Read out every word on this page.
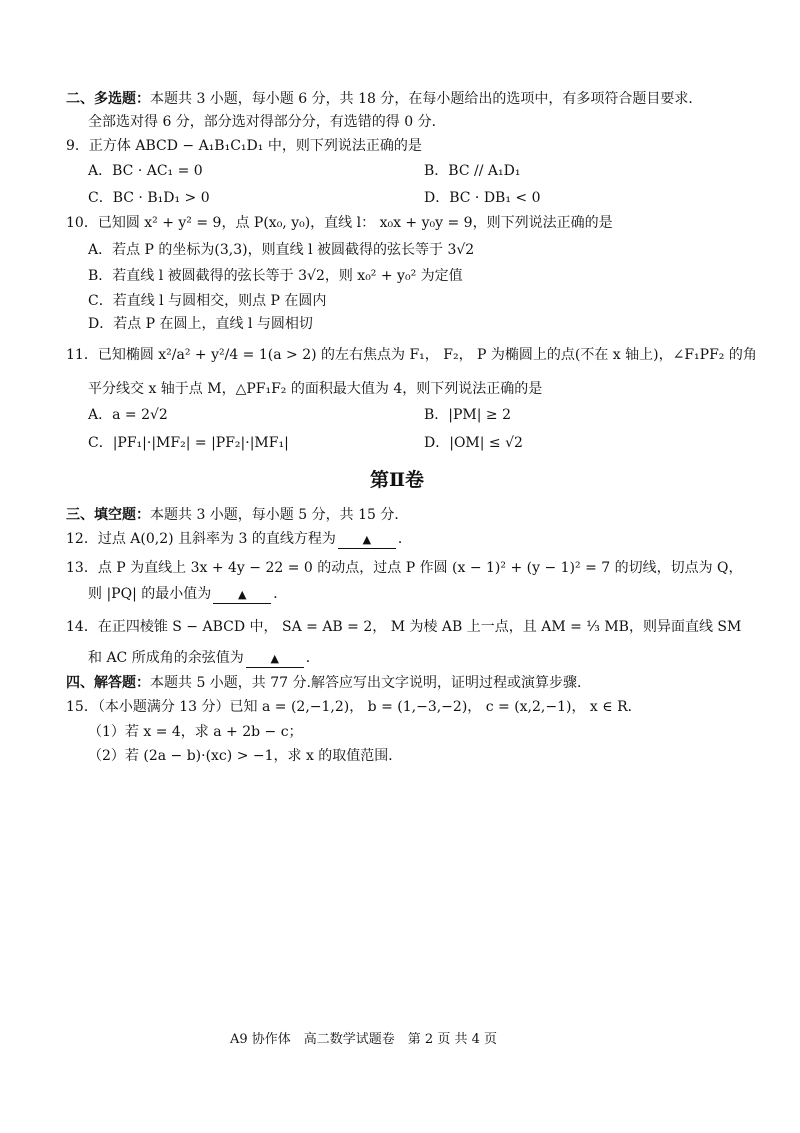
二、多选题：本题共 3 小题，每小题 6 分，共 18 分，在每小题给出的选项中，有多项符合题目要求．
全部选对得 6 分，部分选对得部分分，有选错的得 0 分．
9．正方体 ABCD − A₁B₁C₁D₁ 中，则下列说法正确的是
A．BC · AC₁ = 0	B．BC // A₁D₁
C．BC · B₁D₁ > 0	D．BC · DB₁ < 0
10．已知圆 x² + y² = 9，点 P(x₀, y₀)，直线 l： x₀x + y₀y = 9，则下列说法正确的是
A．若点 P 的坐标为(3,3)，则直线 l 被圆截得的弦长等于 3√2
B．若直线 l 被圆截得的弦长等于 3√2，则 x₀² + y₀² 为定值
C．若直线 l 与圆相交，则点 P 在圆内
D．若点 P 在圆上，直线 l 与圆相切
11．已知椭圆 x²/a² + y²/4 = 1(a > 2) 的左右焦点为 F₁， F₂， P 为椭圆上的点(不在 x 轴上)，∠F₁PF₂ 的角
平分线交 x 轴于点 M，△PF₁F₂ 的面积最大值为 4，则下列说法正确的是
A．a = 2√2	B．|PM| ≥ 2
C．|PF₁|·|MF₂| = |PF₂|·|MF₁|	D．|OM| ≤ √2
第Ⅱ卷
三、填空题：本题共 3 小题，每小题 5 分，共 15 分．
12．过点 A(0,2) 且斜率为 3 的直线方程为 ▲ ．
13．点 P 为直线上 3x + 4y − 22 = 0 的动点，过点 P 作圆 (x − 1)² + (y − 1)² = 7 的切线，切点为 Q，
则 |PQ| 的最小值为 ▲ ．
14．在正四棱锥 S − ABCD 中， SA = AB = 2， M 为棱 AB 上一点，且 AM = ⅓ MB，则异面直线 SM
和 AC 所成角的余弦值为 ▲ ．
四、解答题：本题共 5 小题，共 77 分.解答应写出文字说明，证明过程或演算步骤．
15．（本小题满分 13 分）已知 a = (2,−1,2)， b = (1,−3,−2)， c = (x,2,−1)， x ∈ R．
（1）若 x = 4，求 a + 2b − c；
（2）若 (2a − b)·(xc) > −1，求 x 的取值范围．
A9 协作体　高二数学试题卷　第 2 页 共 4 页
